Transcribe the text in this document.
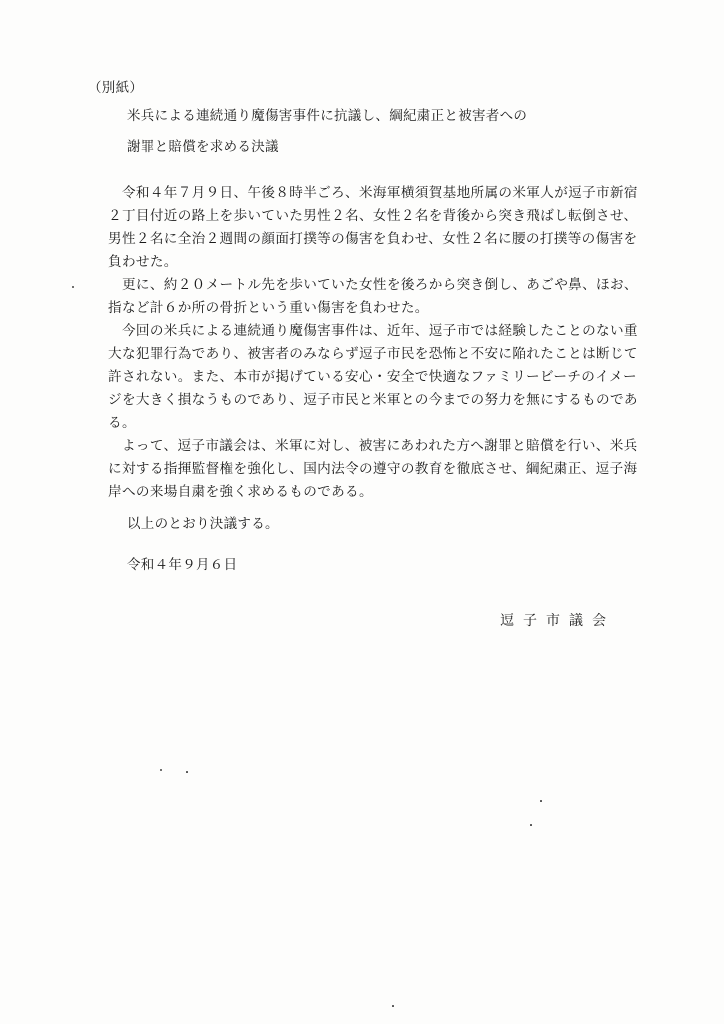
（別紙）
米兵による連続通り魔傷害事件に抗議し、綱紀粛正と被害者への
謝罪と賠償を求める決議
　令和４年７月９日、午後８時半ごろ、米海軍横須賀基地所属の米軍人が逗子市新宿
２丁目付近の路上を歩いていた男性２名、女性２名を背後から突き飛ばし転倒させ、
男性２名に全治２週間の顔面打撲等の傷害を負わせ、女性２名に腰の打撲等の傷害を
負わせた。
　更に、約２０メートル先を歩いていた女性を後ろから突き倒し、あごや鼻、ほお、
指など計６か所の骨折という重い傷害を負わせた。
　今回の米兵による連続通り魔傷害事件は、近年、逗子市では経験したことのない重
大な犯罪行為であり、被害者のみならず逗子市民を恐怖と不安に陥れたことは断じて
許されない。また、本市が掲げている安心・安全で快適なファミリービーチのイメー
ジを大きく損なうものであり、逗子市民と米軍との今までの努力を無にするものであ
る。
　よって、逗子市議会は、米軍に対し、被害にあわれた方へ謝罪と賠償を行い、米兵
に対する指揮監督権を強化し、国内法令の遵守の教育を徹底させ、綱紀粛正、逗子海
岸への来場自粛を強く求めるものである。
以上のとおり決議する。
令和４年９月６日
逗子市議会
